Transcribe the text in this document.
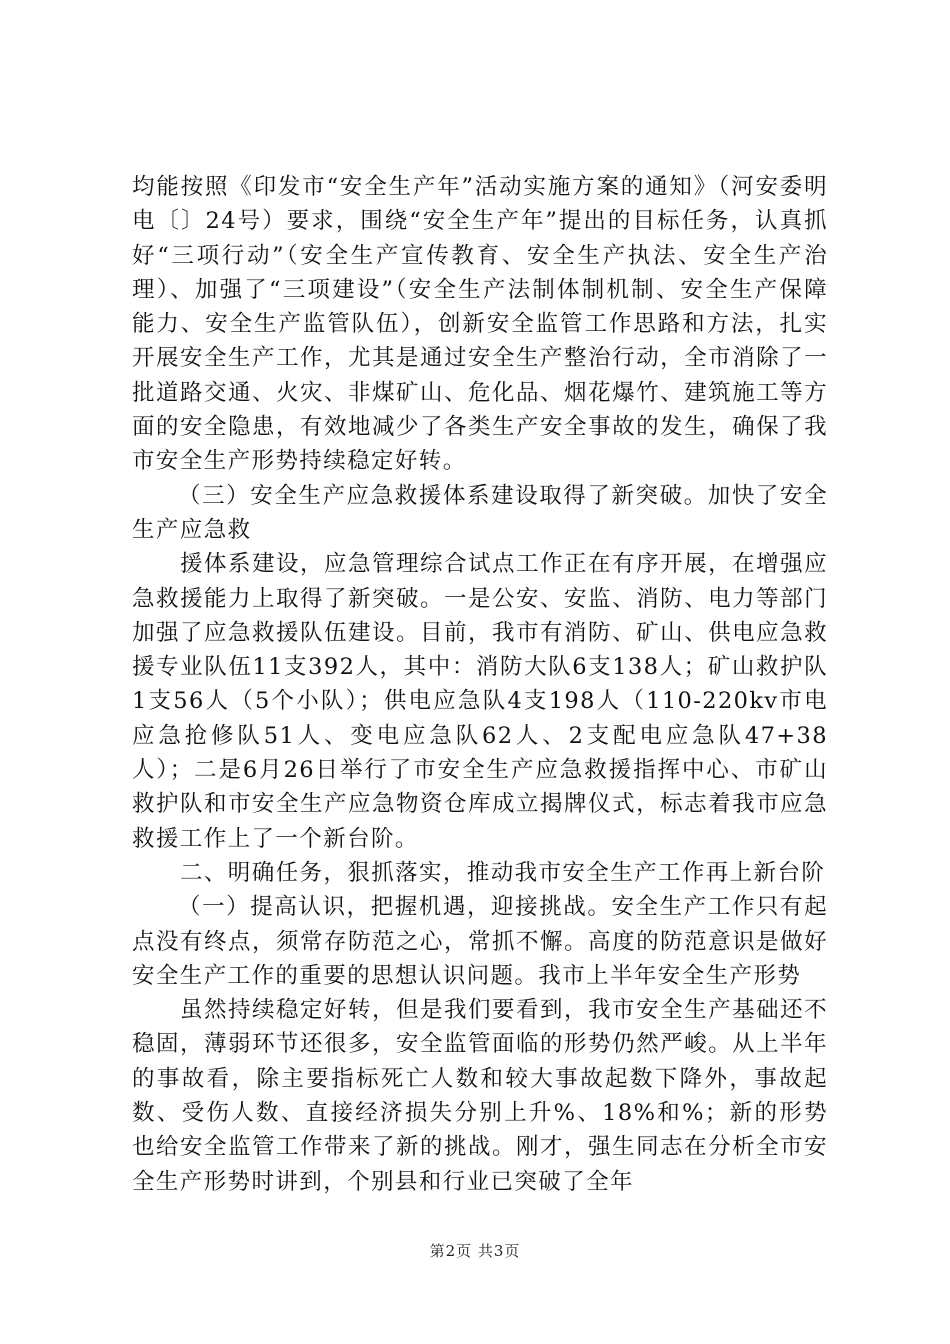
均能按照《印发市“安全生产年”活动实施方案的通知》（河安委明电〔〕24号）要求，围绕“安全生产年”提出的目标任务，认真抓好“三项行动”（安全生产宣传教育、安全生产执法、安全生产治理）、加强了“三项建设”（安全生产法制体制机制、安全生产保障能力、安全生产监管队伍），创新安全监管工作思路和方法，扎实开展安全生产工作，尤其是通过安全生产整治行动，全市消除了一批道路交通、火灾、非煤矿山、危化品、烟花爆竹、建筑施工等方面的安全隐患，有效地减少了各类生产安全事故的发生，确保了我市安全生产形势持续稳定好转。

（三）安全生产应急救援体系建设取得了新突破。加快了安全生产应急救

援体系建设，应急管理综合试点工作正在有序开展，在增强应急救援能力上取得了新突破。一是公安、安监、消防、电力等部门加强了应急救援队伍建设。目前，我市有消防、矿山、供电应急救援专业队伍11支392人，其中：消防大队6支138人；矿山救护队1支56人（5个小队）；供电应急队4支198人（110-220kv市电应急抢修队51人、变电应急队62人、2支配电应急队47+38人）；二是6月26日举行了市安全生产应急救援指挥中心、市矿山救护队和市安全生产应急物资仓库成立揭牌仪式，标志着我市应急救援工作上了一个新台阶。

二、明确任务，狠抓落实，推动我市安全生产工作再上新台阶

（一）提高认识，把握机遇，迎接挑战。安全生产工作只有起点没有终点，须常存防范之心，常抓不懈。高度的防范意识是做好安全生产工作的重要的思想认识问题。我市上半年安全生产形势

虽然持续稳定好转，但是我们要看到，我市安全生产基础还不稳固，薄弱环节还很多，安全监管面临的形势仍然严峻。从上半年的事故看，除主要指标死亡人数和较大事故起数下降外，事故起数、受伤人数、直接经济损失分别上升%、18%和%；新的形势也给安全监管工作带来了新的挑战。刚才，强生同志在分析全市安全生产形势时讲到，个别县和行业已突破了全年

第2页 共3页
